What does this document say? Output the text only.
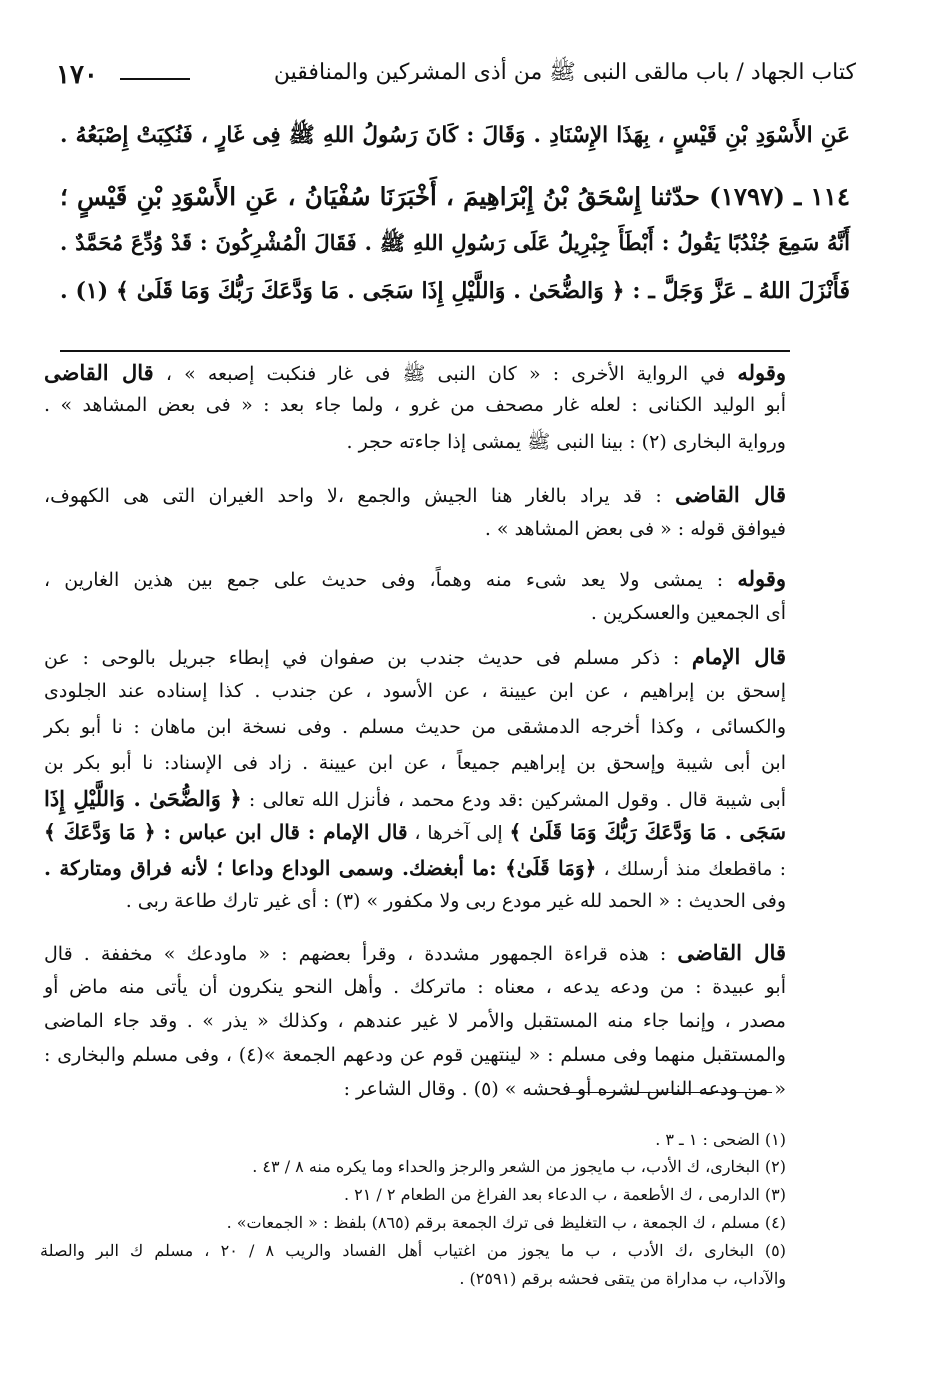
١٧٠	كتاب الجهاد / باب مالقى النبى ﷺ من أذى المشركين والمنافقين
عَنِ الأَسْوَدِ بْنِ قَيْسٍ ، بِهَذَا الإِسْنَادِ . وَقَالَ : كَانَ رَسُولُ اللهِ ﷺ فِى غَارٍ ، فَنُكِبَتْ إِصْبَعُهُ .
١١٤ ـ (١٧٩٧) حدّثنا إِسْحَقُ بْنُ إِبْرَاهِيمَ ، أَخْبَرَنَا سُفْيَانُ ، عَنِ الأَسْوَدِ بْنِ قَيْسٍ ؛
أَنَّهُ سَمِعَ جُنْدُبًا يَقُولُ : أَبْطَأَ جِبْرِيلُ عَلَى رَسُولِ اللهِ ﷺ . فَقَالَ الْمُشْرِكُونَ : قَدْ وُدِّعَ مُحَمَّدٌ .
فَأَنْزَلَ اللهُ ـ عَزَّ وَجَلَّ ـ : ﴿ وَالضُّحَىٰ . وَاللَّيْلِ إِذَا سَجَى . مَا وَدَّعَكَ رَبُّكَ وَمَا قَلَىٰ ﴾ (١) .
وقوله في الرواية الأخرى : « كان النبى ﷺ فى غار فنكبت إصبعه » ، قال القاضى
أبو الوليد الكنانى : لعله غار مصحف من غرو ، ولما جاء بعد : « فى بعض المشاهد » .
ورواية البخارى (٢) : بينا النبى ﷺ يمشى إذا جاءته حجر .
قال القاضى : قد يراد بالغار هنا الجيش والجمع ،لا واحد الغيران التى هى الكهوف،
فيوافق قوله : « فى بعض المشاهد » .
وقوله : يمشى ولا يعد شىء منه وهماً، وفى حديث على جمع بين هذين الغارين ،
أى الجمعين والعسكرين .
قال الإمام : ذكر مسلم فى حديث جندب بن صفوان في إبطاء جبريل بالوحى : عن
إسحق بن إبراهيم ، عن ابن عيينة ، عن الأسود ، عن جندب . كذا إسناده عند الجلودى
والكسائى ، وكذا أخرجه الدمشقى من حديث مسلم . وفى نسخة ابن ماهان : نا أبو بكر
ابن أبى شيبة وإسحق بن إبراهيم جميعاً ، عن ابن عيينة . زاد فى الإسناد: نا أبو بكر بن
أبى شيبة قال . وقول المشركين :قد ودع محمد ، فأنزل الله تعالى : ﴿ وَالضُّحَىٰ . وَاللَّيْلِ إِذَا
سَجَى . مَا وَدَّعَكَ رَبُّكَ وَمَا قَلَىٰ ﴾ إلى آخرها ، قال الإمام : قال ابن عباس : ﴿ مَا وَدَّعَكَ ﴾
: ماقطعك منذ أرسلك ، ﴿وَمَا قَلَىٰ﴾ :ما أبغضك. وسمى الوداع وداعا ؛ لأنه فراق ومتاركة .
وفى الحديث : « الحمد لله غير مودع ربى ولا مكفور » (٣) : أى غير تارك طاعة ربى .
قال القاضى : هذه قراءة الجمهور مشددة ، وقرأ بعضهم : « ماودعك » مخففة . قال
أبو عبيدة : من ودعه يدعه ، معناه : ماتركك . وأهل النحو ينكرون أن يأتى منه ماض أو
مصدر ، وإنما جاء منه المستقبل والأمر لا غير عندهم ، وكذلك « يذر » . وقد جاء الماضى
والمستقبل منهما وفى مسلم : « لينتهين قوم عن ودعهم الجمعة »(٤) ، وفى مسلم والبخارى :
« من ودعه الناس لشره أو فحشه » (٥) . وقال الشاعر :
(١) الضحى : ١ ـ ٣ .
(٢) البخارى، ك الأدب، ب مايجوز من الشعر والرجز والحداء وما يكره منه ٨ / ٤٣ .
(٣) الدارمى ، ك الأطعمة ، ب الدعاء بعد الفراغ من الطعام ٢ / ٢١ .
(٤) مسلم ، ك الجمعة ، ب التغليظ فى ترك الجمعة برقم (٨٦٥) بلفظ : « الجمعات» .
(٥) البخارى ،ك الأدب ، ب ما يجوز من اغتياب أهل الفساد والريب ٨ / ٢٠ ، مسلم ك البر والصلة
والآداب، ب مداراة من يتقى فحشه برقم (٢٥٩١) .
